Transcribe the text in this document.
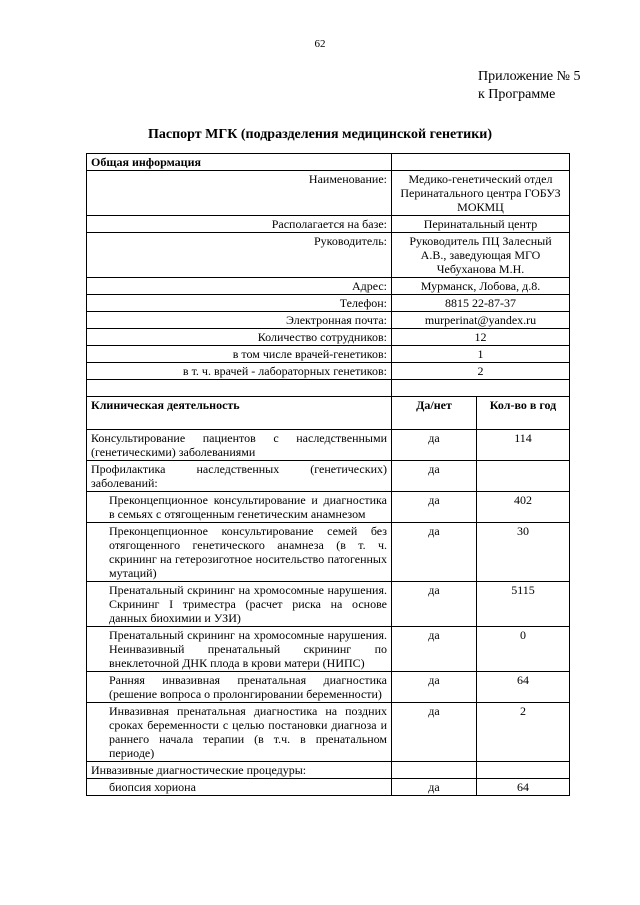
62
Приложение № 5
к Программе
Паспорт МГК (подразделения медицинской генетики)
Общая информация		
Наименование:	Медико-генетический отдел Перинатального центра ГОБУЗ МОКМЦ	
Располагается на базе:	Перинатальный центр	
Руководитель:	Руководитель ПЦ Залесный А.В., заведующая МГО Чебуханова М.Н.	
Адрес:	Мурманск, Лобова, д.8.	
Телефон:	8815 22-87-37	
Электронная почта:	murperinat@yandex.ru	
Количество сотрудников:	12	
в том числе врачей-генетиков:	1	
в т. ч. врачей - лабораторных генетиков:	2	

Клиническая деятельность	Да/нет	Кол-во в год
Консультирование пациентов с наследственными (генетическими) заболеваниями	да	114
Профилактика наследственных (генетических) заболеваний:	да	
Преконцепционное консультирование и диагностика в семьях с отягощенным генетическим анамнезом	да	402
Преконцепционное консультирование семей без отягощенного генетического анамнеза (в т. ч. скрининг на гетерозиготное носительство патогенных мутаций)	да	30
Пренатальный скрининг на хромосомные нарушения. Скрининг I триместра (расчет риска на основе данных биохимии и УЗИ)	да	5115
Пренатальный скрининг на хромосомные нарушения. Неинвазивный пренатальный скрининг по внеклеточной ДНК плода в крови матери (НИПС)	да	0
Ранняя инвазивная пренатальная диагностика (решение вопроса о пролонгировании беременности)	да	64
Инвазивная пренатальная диагностика на поздних сроках беременности с целью постановки диагноза и раннего начала терапии (в т.ч. в пренатальном периоде)	да	2
Инвазивные диагностические процедуры:		
биопсия хориона	да	64
